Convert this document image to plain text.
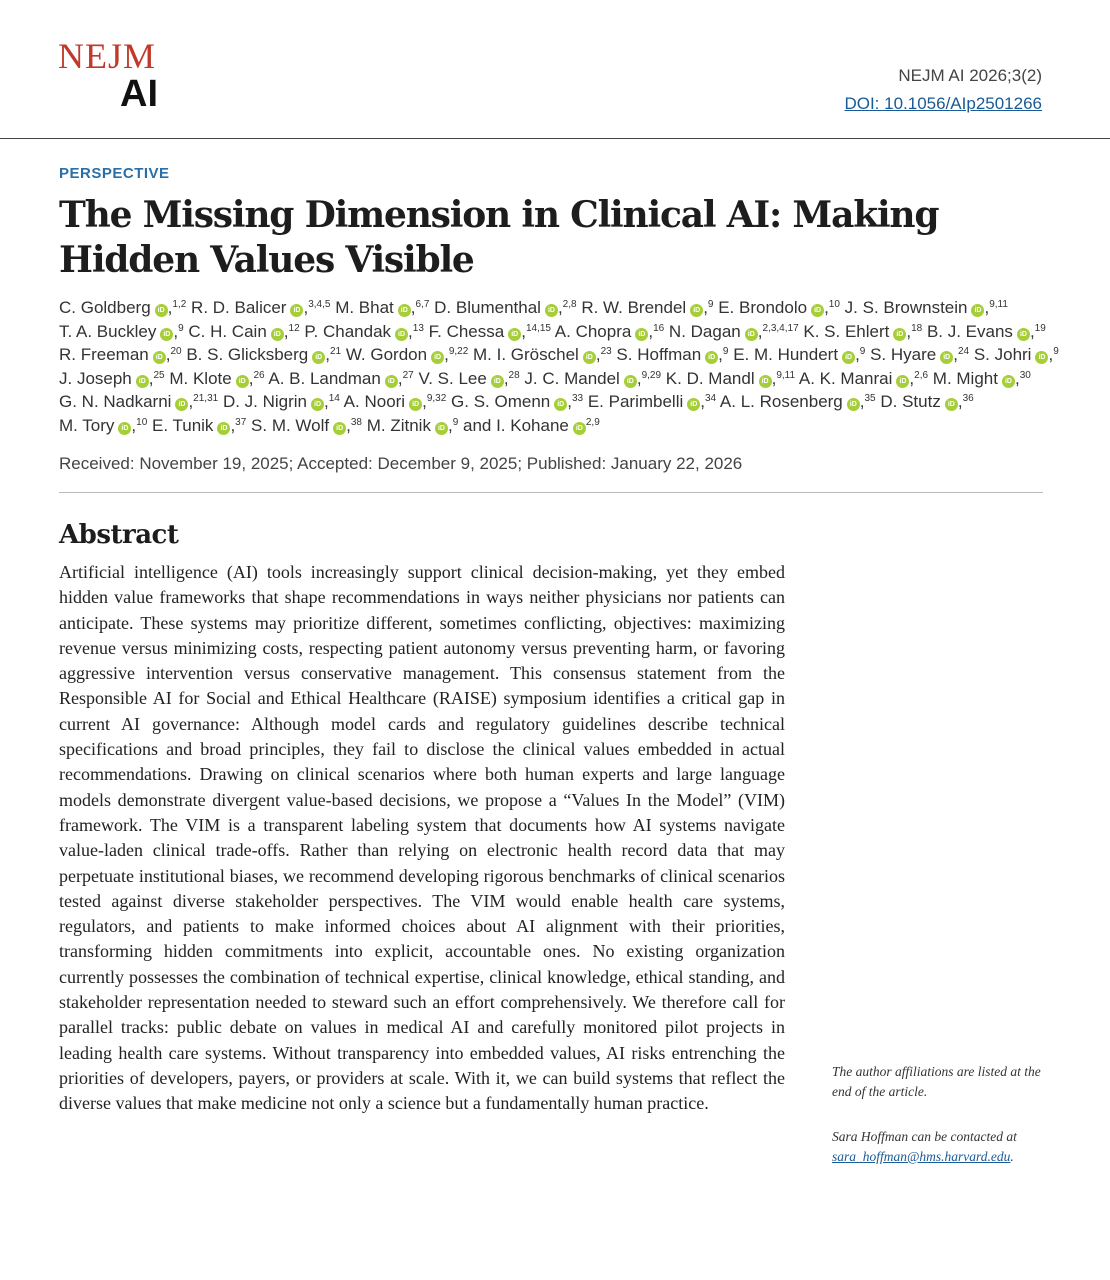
NEJM
AI	NEJM AI 2026;3(2)
DOI: 10.1056/AIp2501266
PERSPECTIVE
The Missing Dimension in Clinical AI: Making Hidden Values Visible
C. Goldberg iD ,$^{1,2}$ R. D. Balicer iD ,$^{3,4,5}$ M. Bhat iD ,$^{6,7}$ D. Blumenthal iD ,$^{2,8}$ R. W. Brendel iD ,$^9$ E. Brondolo iD ,$^{10}$ J. S. Brownstein iD ,$^{9,11}$ T. A. Buckley iD ,$^9$ C. H. Cain iD ,$^{12}$ P. Chandak iD ,$^{13}$ F. Chessa iD ,$^{14,15}$ A. Chopra iD ,$^{16}$ N. Dagan iD ,$^{2,3,4,17}$ K. S. Ehlert iD ,$^{18}$ B. J. Evans iD ,$^{19}$ R. Freeman iD ,$^{20}$ B. S. Glicksberg iD ,$^{21}$ W. Gordon iD ,$^{9,22}$ M. I. Gröschel iD ,$^{23}$ S. Hoffman iD ,$^9$ E. M. Hundert iD ,$^9$ S. Hyare iD ,$^{24}$ S. Johri iD ,$^9$ J. Joseph iD ,$^{25}$ M. Klote iD ,$^{26}$ A. B. Landman iD ,$^{27}$ V. S. Lee iD ,$^{28}$ J. C. Mandel iD ,$^{9,29}$ K. D. Mandl iD ,$^{9,11}$ A. K. Manrai iD ,$^{2,6}$ M. Might iD ,$^{30}$ G. N. Nadkarni iD ,$^{21,31}$ D. J. Nigrin iD ,$^{14}$ A. Noori iD ,$^{9,32}$ G. S. Omenn iD ,$^{33}$ E. Parimbelli iD ,$^{34}$ A. L. Rosenberg iD ,$^{35}$ D. Stutz iD ,$^{36}$ M. Tory iD ,$^{10}$ E. Tunik iD ,$^{37}$ S. M. Wolf iD ,$^{38}$ M. Zitnik iD ,$^9$ and I. Kohane iD$^{2,9}$
Received: November 19, 2025; Accepted: December 9, 2025; Published: January 22, 2026
Abstract

Artificial intelligence (AI) tools increasingly support clinical decision-making, yet they embed hidden value frameworks that shape recommendations in ways neither physicians nor patients can anticipate. These systems may prioritize different, sometimes conflicting, objectives: maximizing revenue versus minimizing costs, respecting patient autonomy versus preventing harm, or favoring aggressive intervention versus conservative management. This consensus statement from the Responsible AI for Social and Ethical Healthcare (RAISE) symposium identifies a critical gap in current AI governance: Although model cards and regulatory guidelines describe technical specifications and broad principles, they fail to disclose the clinical values embedded in actual recommendations. Drawing on clinical scenarios where both human experts and large language models demonstrate divergent value-based decisions, we propose a “Values In the Model” (VIM) framework. The VIM is a transparent labeling system that documents how AI systems navigate value-laden clinical trade-offs. Rather than relying on electronic health record data that may perpetuate institutional biases, we recommend developing rigorous benchmarks of clinical scenarios tested against diverse stakeholder perspectives. The VIM would enable health care systems, regulators, and patients to make informed choices about AI alignment with their priorities, transforming hidden commitments into explicit, accountable ones. No existing organization currently possesses the combination of technical expertise, clinical knowledge, ethical standing, and stakeholder representation needed to steward such an effort comprehensively. We therefore call for parallel tracks: public debate on values in medical AI and carefully monitored pilot projects in leading health care systems. Without transparency into embedded values, AI risks entrenching the priorities of developers, payers, or providers at scale. With it, we can build systems that reflect the diverse values that make medicine not only a science but a fundamentally human practice.

The author affiliations are listed at the end of the article.
Sara Hoffman can be contacted at sara_hoffman@hms.harvard.edu.
